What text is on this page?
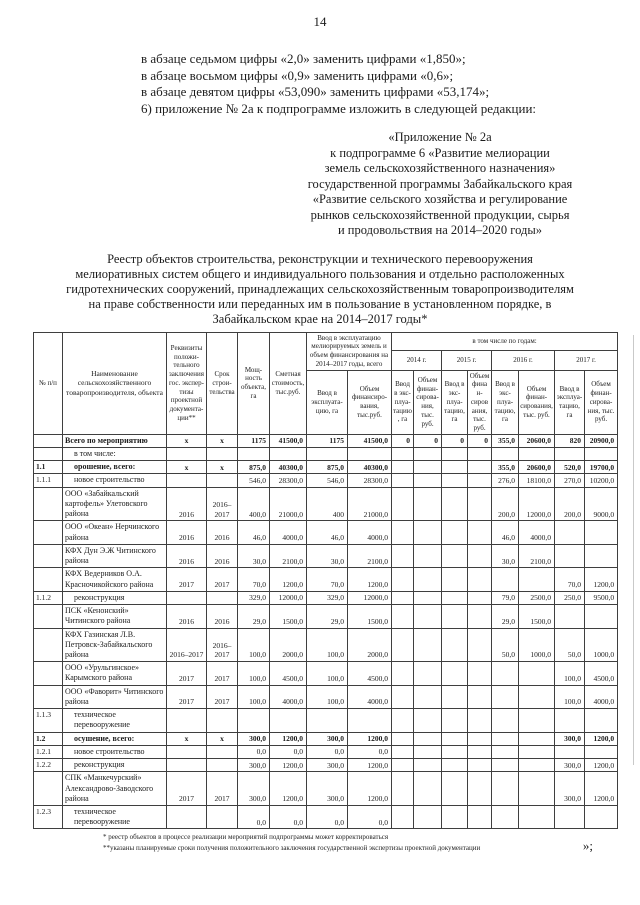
14

в абзаце седьмом цифры «2,0» заменить цифрами «1,850»;

в абзаце восьмом цифры «0,9» заменить цифрами «0,6»;

в абзаце девятом цифры «53,090» заменить цифрами «53,174»;

6) приложение № 2а к подпрограмме изложить в следующей редакции:

«Приложение № 2а

к подпрограмме 6 «Развитие мелиорации

земель сельскохозяйственного назначения»

государственной программы Забайкальского края

«Развитие сельского хозяйства и регулирование

рынков сельскохозяйственной продукции, сырья

и продовольствия на 2014–2020 годы»

Реестр объектов строительства, реконструкции и технического перевооружения мелиоративных систем общего и индивидуального пользования и отдельно расположенных гидротехнических сооружений, принадлежащих сельскохозяйственным товаропроизводителям на праве собственности или переданных им в пользование в установленном порядке, в Забайкальском крае на 2014–2017 годы*

№ п/п	Наименование сельскохозяйственного товаропроизводителя, объекта	Реквизиты положительного заключения гос. экспертизы проектной документации**	Срок строительства	Мощность объекта, га	Сметная стоимость, тыс.руб.	Ввод в эксплуатацию мелиорируемых земель и объем финансирования на 2014–2017 годы, всего		в том числе по годам:							
								2014 г.		2015 г.		2016 г.		2017 г.	
						Ввод в эксплуатацию, га	Объем финансирования, тыс.руб.	Ввод в эксплуатацию, га	Объем финансирования, тыс. руб.	Ввод в эксплуатацию, га	Объем финансирования, тыс. руб.	Ввод в эксплуатацию, га	Объем финансирования, тыс. руб.	Ввод в эксплуатацию, га	Объем финансирования, тыс. руб.
	Всего по мероприятию	х	х	1175	41500,0	1175	41500,0	0	0	0	0	355,0	20600,0	820	20900,0
	в том числе:														
1.1	орошение, всего:	х	х	875,0	40300,0	875,0	40300,0					355,0	20600,0	520,0	19700,0
1.1.1	новое строительство			546,0	28300,0	546,0	28300,0					276,0	18100,0	270,0	10200,0
	ООО «Забайкальский картофель» Улетовского района	2016	2016–2017	400,0	21000,0	400	21000,0					200,0	12000,0	200,0	9000,0
	ООО «Океан» Нерчинского района	2016	2016	46,0	4000,0	46,0	4000,0					46,0	4000,0		
	КФХ Дун Э.Ж Читинского района	2016	2016	30,0	2100,0	30,0	2100,0					30,0	2100,0		
	КФХ Ведерников О.А. Красночикойского района	2017	2017	70,0	1200,0	70,0	1200,0							70,0	1200,0
1.1.2	реконструкция			329,0	12000,0	329,0	12000,0					79,0	2500,0	250,0	9500,0
	ПСК «Кенонский» Читинского района	2016	2016	29,0	1500,0	29,0	1500,0					29,0	1500,0		
	КФХ Газинская Л.В. Петровск-Забайкальского района	2016–2017	2016–2017	100,0	2000,0	100,0	2000,0					50,0	1000,0	50,0	1000,0
	ООО «Урульгинское» Карымского района	2017	2017	100,0	4500,0	100,0	4500,0							100,0	4500,0
	ООО «Фаворит» Читинского района	2017	2017	100,0	4000,0	100,0	4000,0							100,0	4000,0
1.1.3	техническое перевооружение														
1.2	осушение, всего:	х	х	300,0	1200,0	300,0	1200,0							300,0	1200,0
1.2.1	новое строительство			0,0	0,0	0,0	0,0								
1.2.2	реконструкция			300,0	1200,0	300,0	1200,0							300,0	1200,0
	СПК «Манкечурский» Александрово-Заводского района	2017	2017	300,0	1200,0	300,0	1200,0							300,0	1200,0
1.2.3	техническое перевооружение			0,0	0,0	0,0	0,0								

* реестр объектов в процессе реализации мероприятий подпрограммы может корректироваться

**указаны планируемые сроки получения положительного заключения государственной экспертизы проектной документации	»;
